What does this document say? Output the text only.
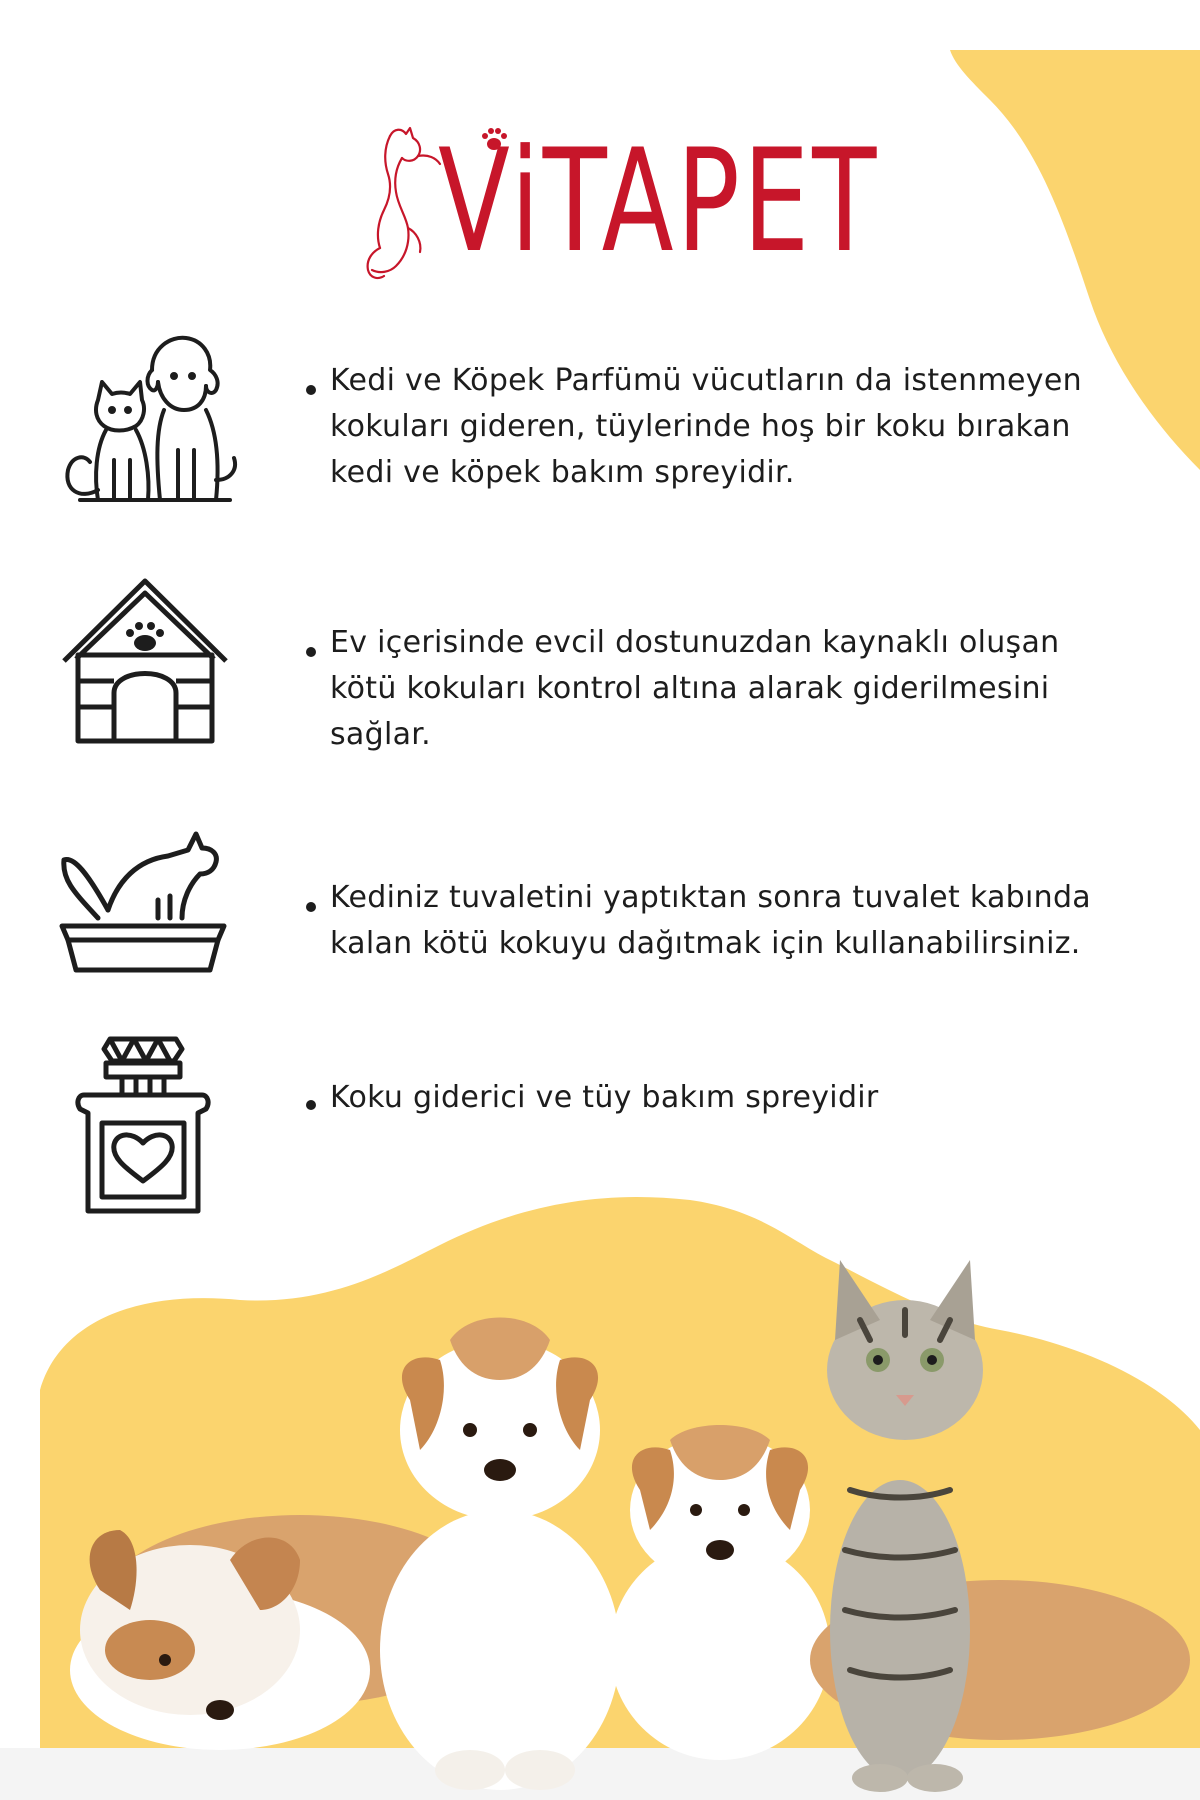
ViTAPET
Kedi ve Köpek Parfümü vücutların da istenmeyen
kokuları gideren, tüylerinde hoş bir koku bırakan
kedi ve köpek bakım spreyidir.
Ev içerisinde evcil dostunuzdan kaynaklı oluşan
kötü kokuları kontrol altına alarak giderilmesini
sağlar.
Kediniz tuvaletini yaptıktan sonra tuvalet kabında
kalan kötü kokuyu dağıtmak için kullanabilirsiniz.
Koku giderici ve tüy bakım spreyidir
